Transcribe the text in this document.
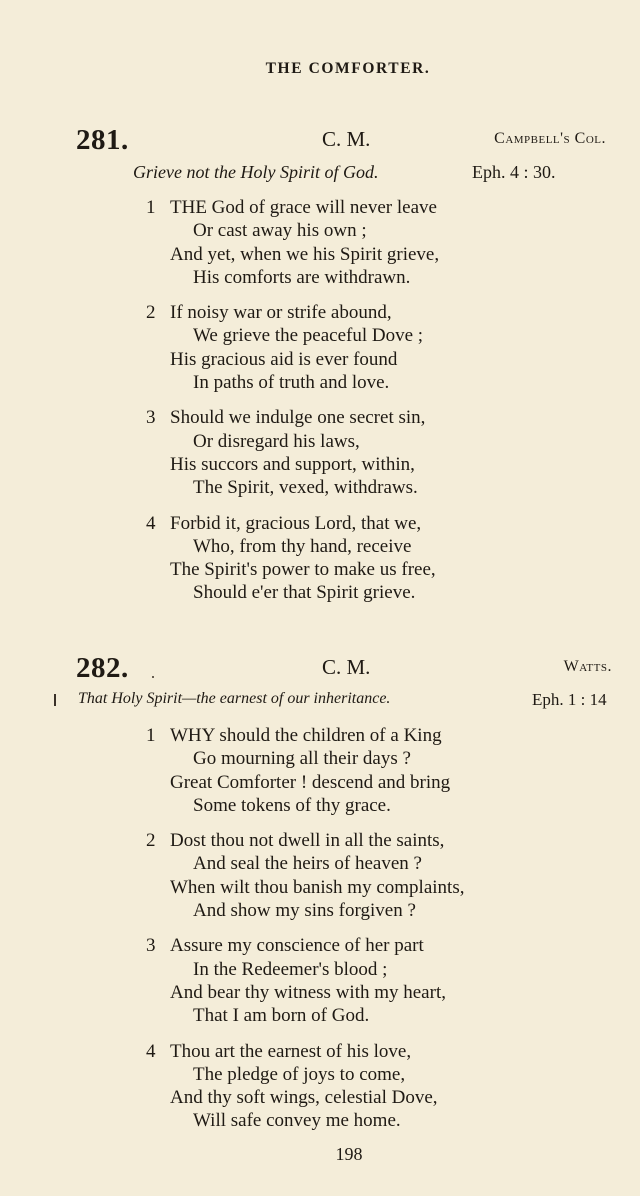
THE COMFORTER.
281.	C. M.	Campbell's Col.
Grieve not the Holy Spirit of God.	Eph. 4 : 30.
1 THE God of grace will never leave
Or cast away his own ;
And yet, when we his Spirit grieve,
His comforts are withdrawn.
2 If noisy war or strife abound,
We grieve the peaceful Dove ;
His gracious aid is ever found
In paths of truth and love.
3 Should we indulge one secret sin,
Or disregard his laws,
His succors and support, within,
The Spirit, vexed, withdraws.
4 Forbid it, gracious Lord, that we,
Who, from thy hand, receive
The Spirit's power to make us free,
Should e'er that Spirit grieve.
282.	C. M.	Watts.
That Holy Spirit—the earnest of our inheritance.	Eph. 1 : 14
1 WHY should the children of a King
Go mourning all their days ?
Great Comforter ! descend and bring
Some tokens of thy grace.
2 Dost thou not dwell in all the saints,
And seal the heirs of heaven ?
When wilt thou banish my complaints,
And show my sins forgiven ?
3 Assure my conscience of her part
In the Redeemer's blood ;
And bear thy witness with my heart,
That I am born of God.
4 Thou art the earnest of his love,
The pledge of joys to come,
And thy soft wings, celestial Dove,
Will safe convey me home.
198
